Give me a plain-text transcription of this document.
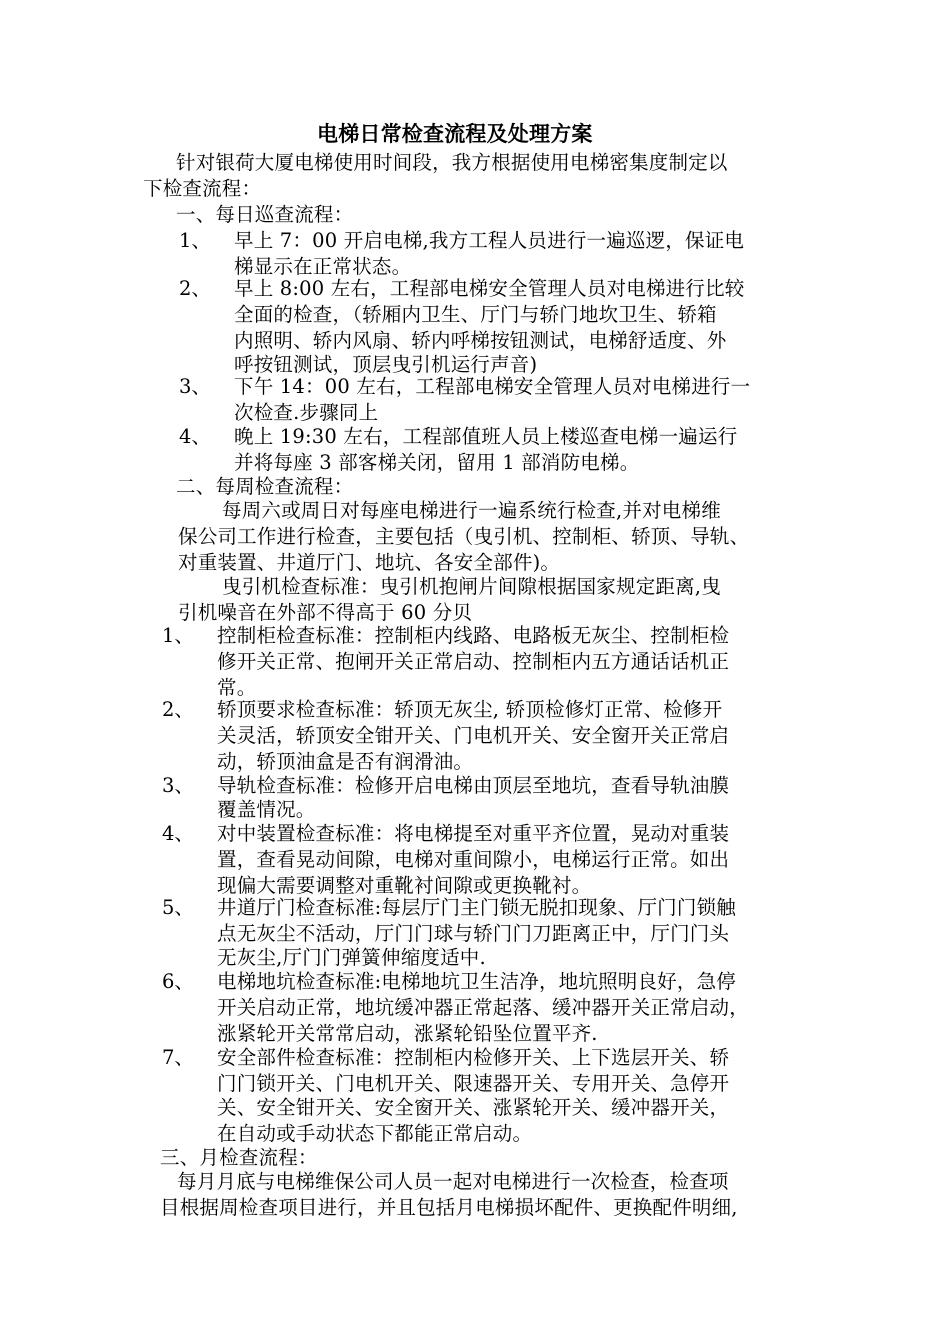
电梯日常检查流程及处理方案
针对银荷大厦电梯使用时间段，我方根据使用电梯密集度制定以
下检查流程：
一、每日巡查流程：
1、 早上 7：00 开启电梯,我方工程人员进行一遍巡逻，保证电
梯显示在正常状态。
2、 早上 8:00 左右，工程部电梯安全管理人员对电梯进行比较
全面的检查，（轿厢内卫生、厅门与轿门地坎卫生、轿箱
内照明、轿内风扇、轿内呼梯按钮测试，电梯舒适度、外
呼按钮测试，顶层曳引机运行声音)
3、 下午 14：00 左右，工程部电梯安全管理人员对电梯进行一
次检查.步骤同上
4、 晚上 19:30 左右，工程部值班人员上楼巡查电梯一遍运行
并将每座 3 部客梯关闭，留用 1 部消防电梯。
二、每周检查流程：
每周六或周日对每座电梯进行一遍系统行检查,并对电梯维
保公司工作进行检查，主要包括（曳引机、控制柜、轿顶、导轨、
对重装置、井道厅门、地坑、各安全部件)。
曳引机检查标准：曳引机抱闸片间隙根据国家规定距离,曳
引机噪音在外部不得高于 60 分贝
1、 控制柜检查标准：控制柜内线路、电路板无灰尘、控制柜检
修开关正常、抱闸开关正常启动、控制柜内五方通话话机正
常。
2、 轿顶要求检查标准：轿顶无灰尘, 轿顶检修灯正常、检修开
关灵活，轿顶安全钳开关、门电机开关、安全窗开关正常启
动，轿顶油盒是否有润滑油。
3、 导轨检查标准：检修开启电梯由顶层至地坑，查看导轨油膜
覆盖情况。
4、 对中装置检查标准：将电梯提至对重平齐位置，晃动对重装
置，查看晃动间隙，电梯对重间隙小，电梯运行正常。如出
现偏大需要调整对重靴衬间隙或更换靴衬。
5、 井道厅门检查标准:每层厅门主门锁无脱扣现象、厅门门锁触
点无灰尘不活动，厅门门球与轿门门刀距离正中，厅门门头
无灰尘,厅门门弹簧伸缩度适中.
6、 电梯地坑检查标准:电梯地坑卫生洁净，地坑照明良好，急停
开关启动正常，地坑缓冲器正常起落、缓冲器开关正常启动，
涨紧轮开关常常启动，涨紧轮铅坠位置平齐.
7、 安全部件检查标准：控制柜内检修开关、上下选层开关、轿
门门锁开关、门电机开关、限速器开关、专用开关、急停开
关、安全钳开关、安全窗开关、涨紧轮开关、缓冲器开关，
在自动或手动状态下都能正常启动。
三、月检查流程：
每月月底与电梯维保公司人员一起对电梯进行一次检查，检查项
目根据周检查项目进行，并且包括月电梯损坏配件、更换配件明细,
